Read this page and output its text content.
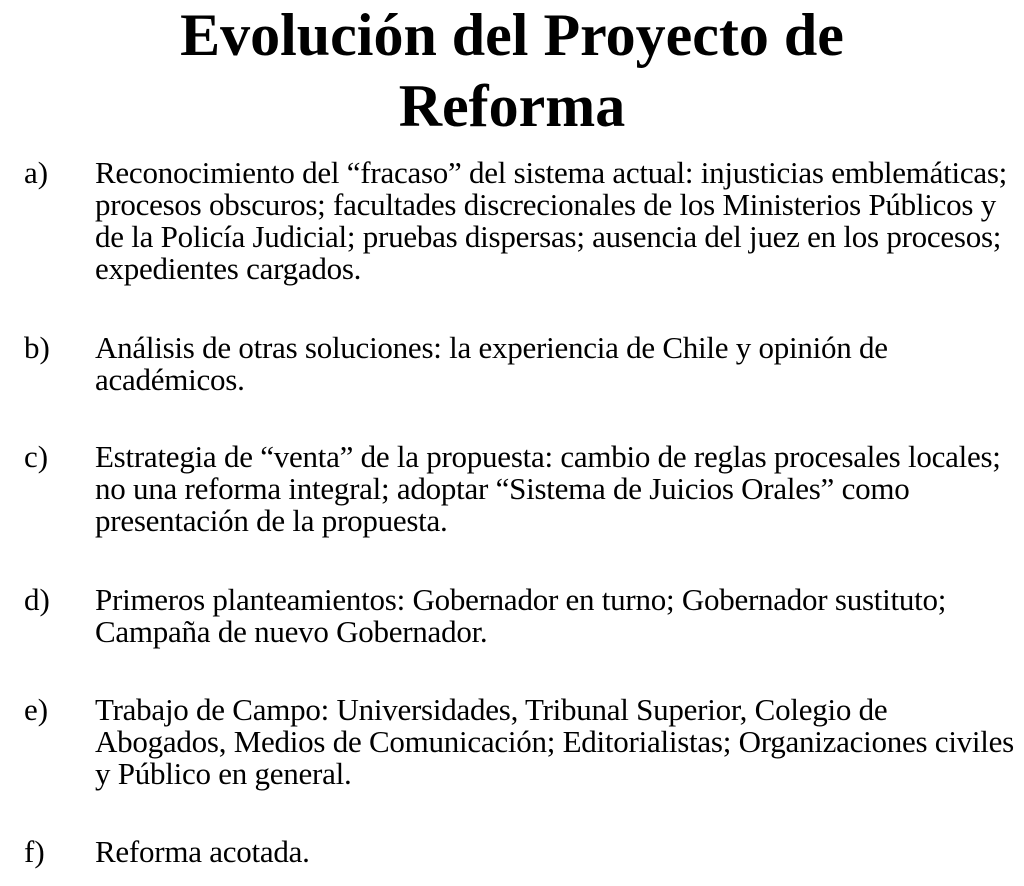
Evolución del Proyecto de
Reforma
a)	Reconocimiento del “fracaso” del sistema actual: injusticias emblemáticas; procesos obscuros; facultades discrecionales de los Ministerios Públicos y de la Policía Judicial; pruebas dispersas; ausencia del juez en los procesos; expedientes cargados.
b)	Análisis de otras soluciones: la experiencia de Chile y opinión de académicos.
c)	Estrategia de “venta” de la propuesta: cambio de reglas procesales locales; no una reforma integral; adoptar “Sistema de Juicios Orales” como presentación de la propuesta.
d)	Primeros planteamientos: Gobernador en turno; Gobernador sustituto; Campaña de nuevo Gobernador.
e)	Trabajo de Campo: Universidades, Tribunal Superior, Colegio de Abogados, Medios de Comunicación; Editorialistas; Organizaciones civiles y Público en general.
f)	Reforma acotada.
